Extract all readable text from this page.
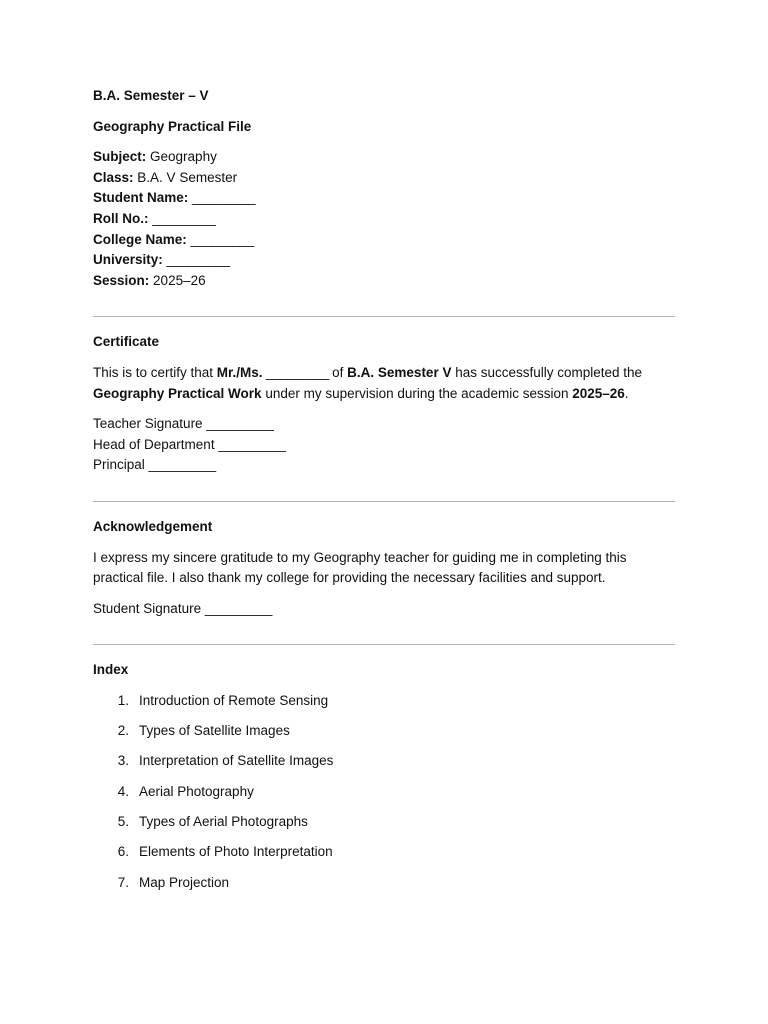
B.A. Semester – V
Geography Practical File
Subject: Geography
Class: B.A. V Semester
Student Name: _________
Roll No.: _________
College Name: _________
University: _________
Session: 2025–26
Certificate
This is to certify that Mr./Ms. _________ of B.A. Semester V has successfully completed the Geography Practical Work under my supervision during the academic session 2025–26.
Teacher Signature _________
Head of Department _________
Principal _________
Acknowledgement
I express my sincere gratitude to my Geography teacher for guiding me in completing this practical file. I also thank my college for providing the necessary facilities and support.
Student Signature _________
Index
1. Introduction of Remote Sensing
2. Types of Satellite Images
3. Interpretation of Satellite Images
4. Aerial Photography
5. Types of Aerial Photographs
6. Elements of Photo Interpretation
7. Map Projection
